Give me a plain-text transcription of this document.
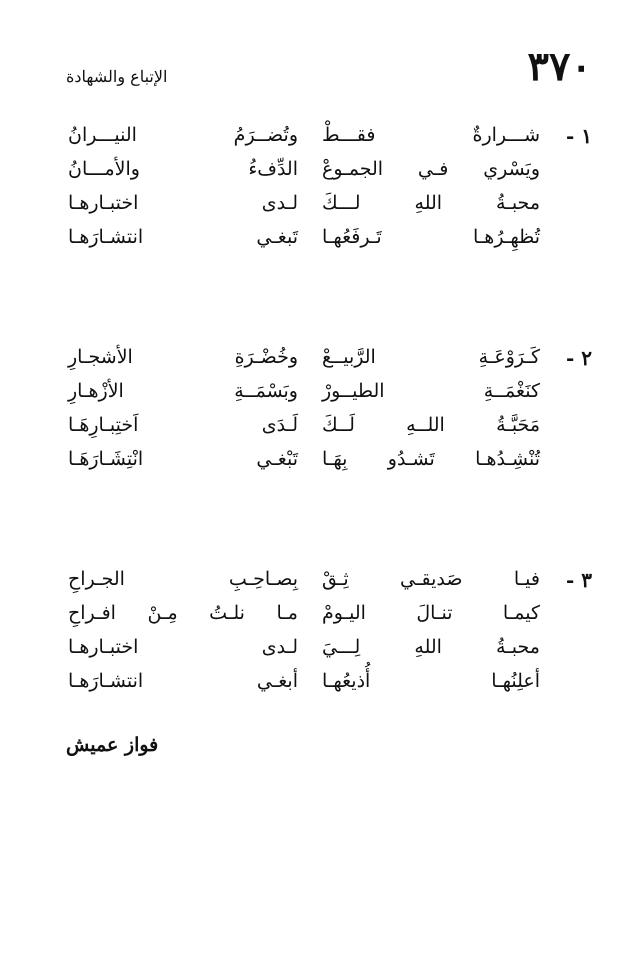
٣٧٠
الإتباع والشهادة
١ -
شـــرارةٌ فقـــطْ
وتُضــرَمُ النيـــرانُ
ويَسْري فـي الجمـوعْ
الدِّفءُ والأمـــانُ
محبـةُ اللهِ لـــكَ
لـدى اختبـارهـا
تُظهِـرُهـا تَـرفَعُهـا
تَبغـي انتشـارَهـا
٢ -
كَـرَوْعَـةِ الرَّبيــعْ
وخُضْـرَةِ الأشجـارِ
كنَغْمَــةِ الطيــورْ
وبَسْمَــةِ الأزْهـارِ
مَحَبَّـةُ اللــهِ لَــكَ
لَـدَى اَختِبـارِهَـا
تُنْشِـدُهـا تَشـدُو بِهَـا
تَبْغـي انْتِشَـارَهَـا
٣ -
فيـا صَديقـي ثِـقْ
بِصـاحِـبِ الجـراحِ
كيمـا تنـالَ اليـومْ
مـا نلـتُ مِـنْ افـراحِ
محبـةُ اللهِ لِـــيَ
لـدى اختبـارهـا
أعلِنُهـا أُذيعُهـا
أبغـي انتشـارَهـا
فواز عميش
